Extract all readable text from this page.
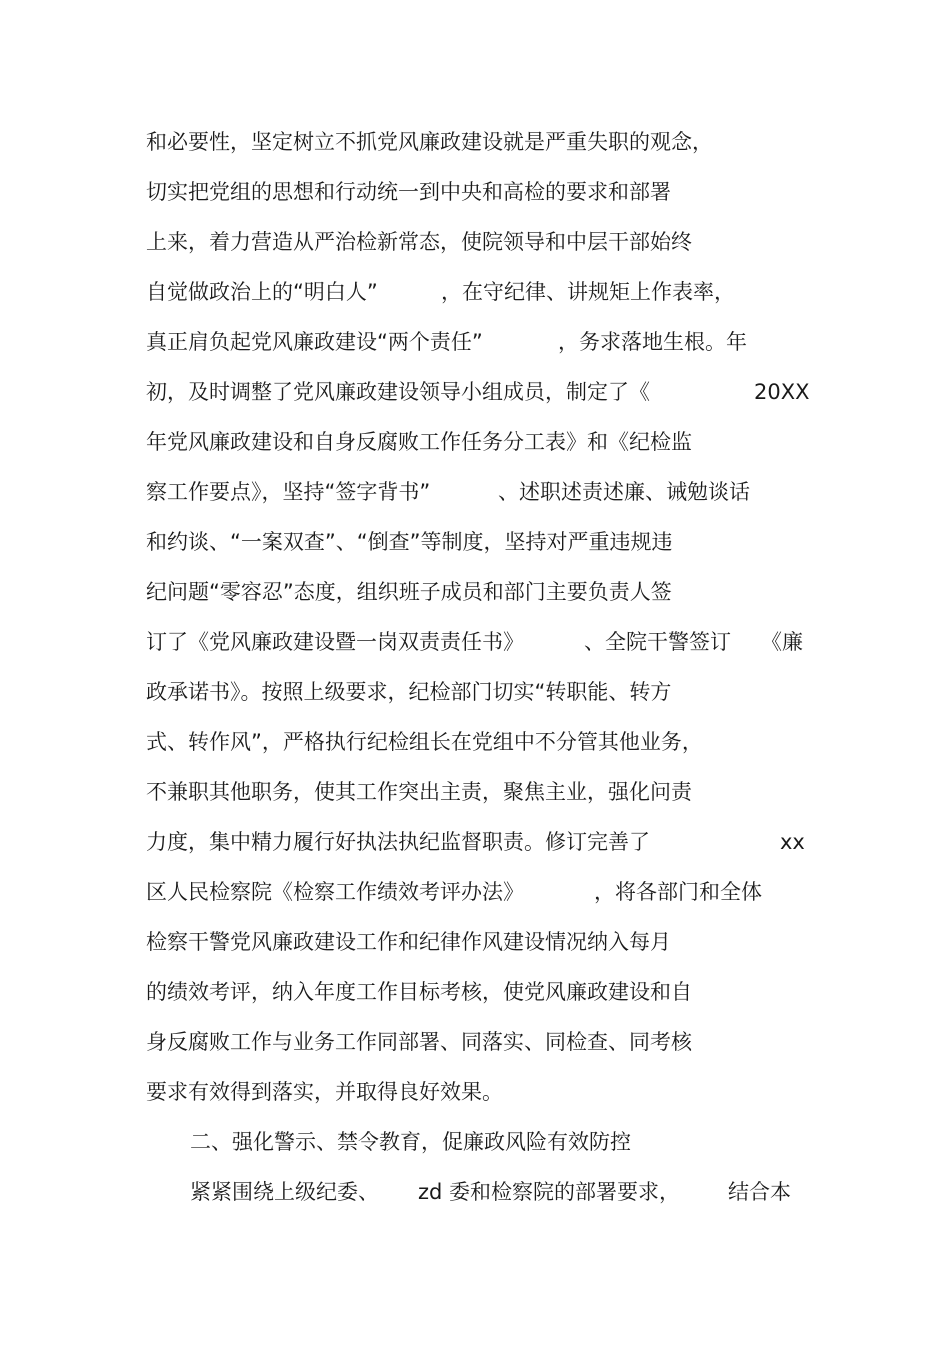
和必要性，坚定树立不抓党风廉政建设就是严重失职的观念，
切实把党组的思想和行动统一到中央和高检的要求和部署
上来，着力营造从严治检新常态，使院领导和中层干部始终
自觉做政治上的“明白人”	，在守纪律、讲规矩上作表率，
真正肩负起党风廉政建设“两个责任”	，务求落地生根。年
初，及时调整了党风廉政建设领导小组成员，制定了《	20XX
年党风廉政建设和自身反腐败工作任务分工表》和《纪检监
察工作要点》，坚持“签字背书”	、述职述责述廉、诫勉谈话
和约谈、“一案双查”、“倒查”等制度，坚持对严重违规违
纪问题“零容忍”态度，组织班子成员和部门主要负责人签
订了《党风廉政建设暨一岗双责责任书》	、全院干警签订 《廉
政承诺书》。按照上级要求，纪检部门切实“转职能、转方
式、转作风”，严格执行纪检组长在党组中不分管其他业务，
不兼职其他职务，使其工作突出主责，聚焦主业，强化问责
力度，集中精力履行好执法执纪监督职责。修订完善了	xx
区人民检察院《检察工作绩效考评办法》	，将各部门和全体
检察干警党风廉政建设工作和纪律作风建设情况纳入每月
的绩效考评，纳入年度工作目标考核，使党风廉政建设和自
身反腐败工作与业务工作同部署、同落实、同检查、同考核
要求有效得到落实，并取得良好效果。
二、强化警示、禁令教育，促廉政风险有效防控
紧紧围绕上级纪委、 zd 委和检察院的部署要求， 结合本
